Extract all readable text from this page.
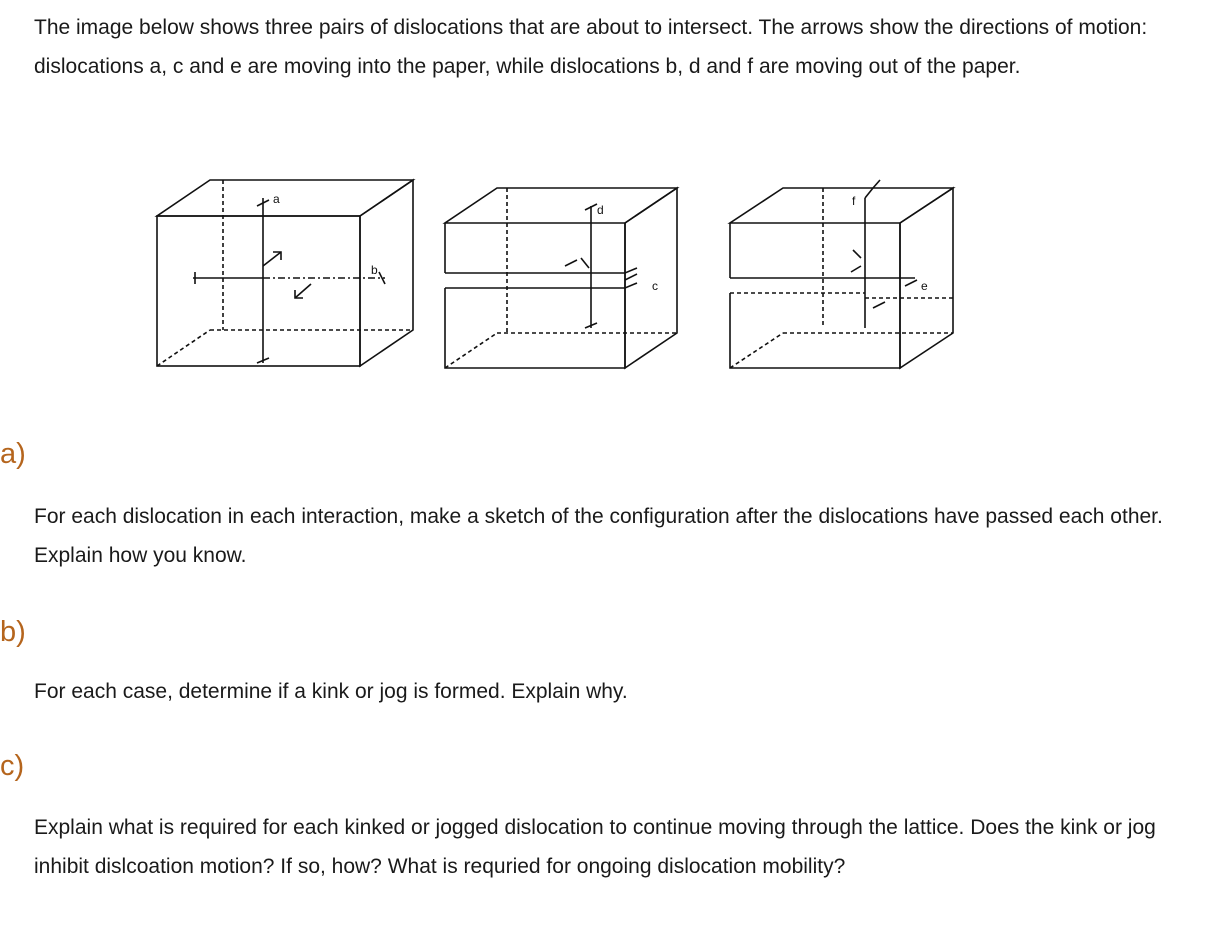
The image below shows three pairs of dislocations that are about to intersect. The arrows show the directions of motion: dislocations a, c and e are moving into the paper, while dislocations b, d and f are moving out of the paper.

a
b
c
d
e
f

a)

For each dislocation in each interaction, make a sketch of the configuration after the dislocations have passed each other. Explain how you know.

b)

For each case, determine if a kink or jog is formed. Explain why.

c)

Explain what is required for each kinked or jogged dislocation to continue moving through the lattice. Does the kink or jog inhibit dislcoation motion? If so, how? What is requried for ongoing dislocation mobility?
